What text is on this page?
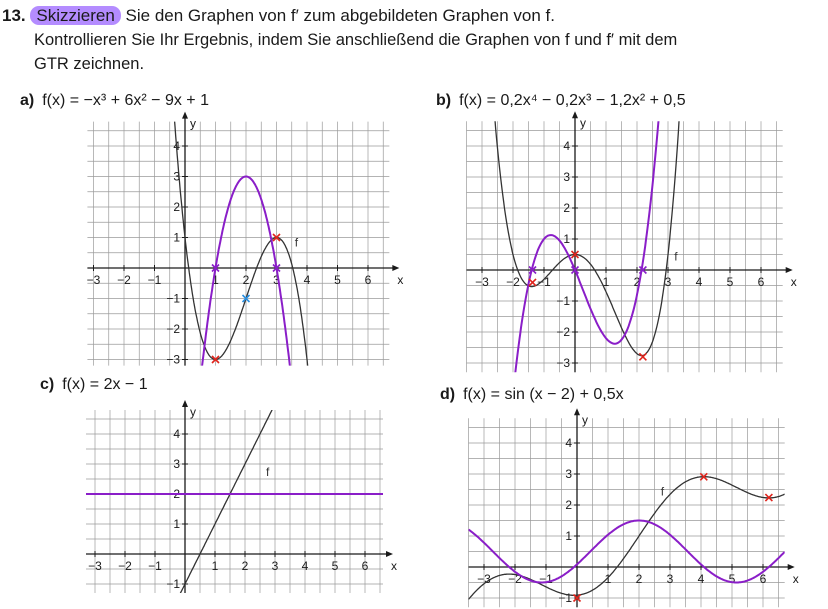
13. Skizzieren Sie den Graphen von f′ zum abgebildeten Graphen von f.
Kontrollieren Sie Ihr Ergebnis, indem Sie anschließend die Graphen von f und f′ mit dem
GTR zeichnen.
a) f(x) = −x³ + 6x² − 9x + 1	b) f(x) = 0,2x⁴ − 0,2x³ − 1,2x² + 0,5
c) f(x) = 2x − 1
d) f(x) = sin (x − 2) + 0,5x
−3 −2 −1	1 2 3 4 5 6
−3
−2
−1
1
2
3
4
x
y
f
−3 −2 −1	1 2 3 4 5 6
−3
−2
−1
1
2
3
4
x
y
f
−3 −2 −1	1 2 3 4 5 6
−1
1
2
3
4
x
y
f
−3 −2 −1	1 2 3 4 5 6
−1
1
2
3
4
x
y
f
